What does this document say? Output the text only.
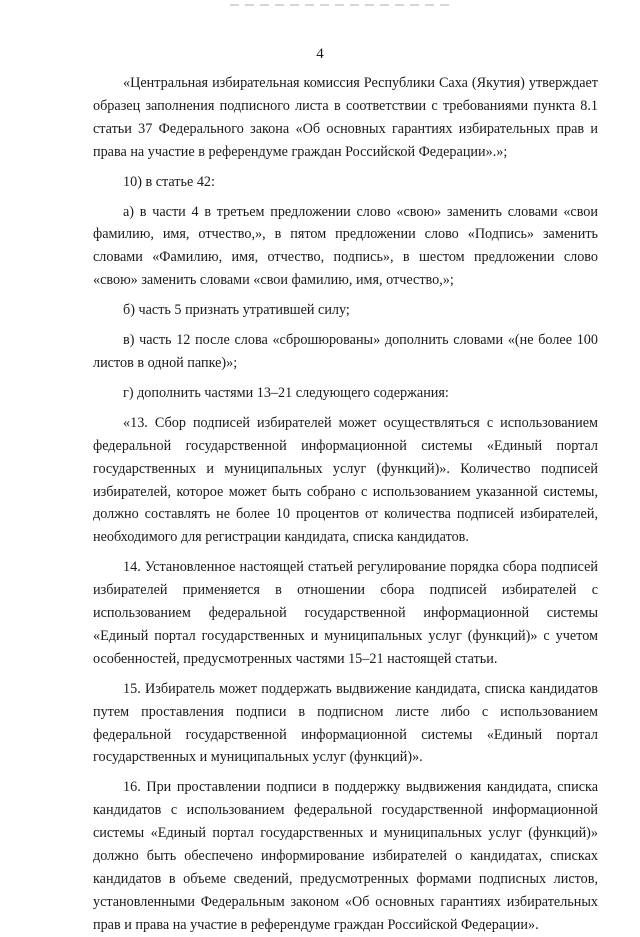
4

«Центральная избирательная комиссия Республики Саха (Якутия) утверждает образец заполнения подписного листа в соответствии с требованиями пункта 8.1 статьи 37 Федерального закона «Об основных гарантиях избирательных прав и права на участие в референдуме граждан Российской Федерации».»;

10) в статье 42:

а) в части 4 в третьем предложении слово «свою» заменить словами «свои фамилию, имя, отчество,», в пятом предложении слово «Подпись» заменить словами «Фамилию, имя, отчество, подпись», в шестом предложении слово «свою» заменить словами «свои фамилию, имя, отчество,»;

б) часть 5 признать утратившей силу;

в) часть 12 после слова «сброшюрованы» дополнить словами «(не более 100 листов в одной папке)»;

г) дополнить частями 13–21 следующего содержания:

«13. Сбор подписей избирателей может осуществляться с использованием федеральной государственной информационной системы «Единый портал государственных и муниципальных услуг (функций)». Количество подписей избирателей, которое может быть собрано с использованием указанной системы, должно составлять не более 10 процентов от количества подписей избирателей, необходимого для регистрации кандидата, списка кандидатов.

14. Установленное настоящей статьей регулирование порядка сбора подписей избирателей применяется в отношении сбора подписей избирателей с использованием федеральной государственной информационной системы «Единый портал государственных и муниципальных услуг (функций)» с учетом особенностей, предусмотренных частями 15–21 настоящей статьи.

15. Избиратель может поддержать выдвижение кандидата, списка кандидатов путем проставления подписи в подписном листе либо с использованием федеральной государственной информационной системы «Единый портал государственных и муниципальных услуг (функций)».

16. При проставлении подписи в поддержку выдвижения кандидата, списка кандидатов с использованием федеральной государственной информационной системы «Единый портал государственных и муниципальных услуг (функций)» должно быть обеспечено информирование избирателей о кандидатах, списках кандидатов в объеме сведений, предусмотренных формами подписных листов, установленными Федеральным законом «Об основных гарантиях избирательных прав и права на участие в референдуме граждан Российской Федерации».
